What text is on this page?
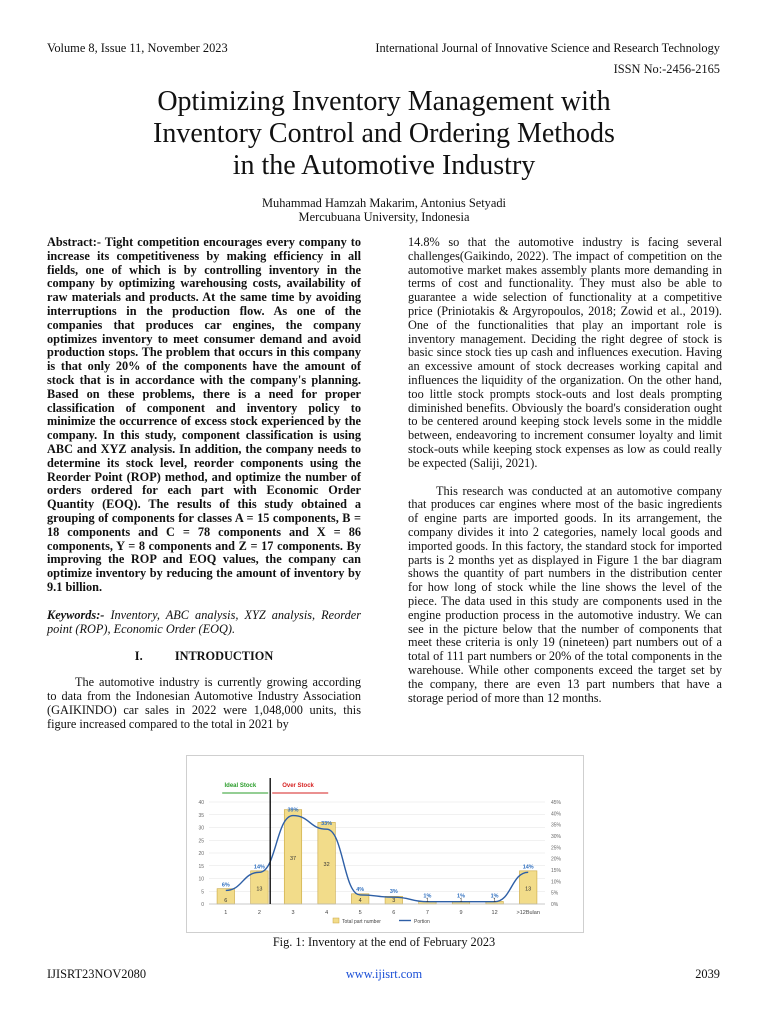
Volume 8, Issue 11, November 2023	International Journal of Innovative Science and Research Technology
ISSN No:-2456-2165
Optimizing Inventory Management with
Inventory Control and Ordering Methods
in the Automotive Industry
Muhammad Hamzah Makarim, Antonius Setyadi
Mercubuana University, Indonesia

Abstract:- Tight competition encourages every company to increase its competitiveness by making efficiency in all fields, one of which is by controlling inventory in the company by optimizing warehousing costs, availability of raw materials and products. At the same time by avoiding interruptions in the production flow. As one of the companies that produces car engines, the company optimizes inventory to meet consumer demand and avoid production stops. The problem that occurs in this company is that only 20% of the components have the amount of stock that is in accordance with the company's planning. Based on these problems, there is a need for proper classification of component and inventory policy to minimize the occurrence of excess stock experienced by the company. In this study, component classification is using ABC and XYZ analysis. In addition, the company needs to determine its stock level, reorder components using the Reorder Point (ROP) method, and optimize the number of orders ordered for each part with Economic Order Quantity (EOQ). The results of this study obtained a grouping of components for classes A = 15 components, B = 18 components and C = 78 components and X = 86 components, Y = 8 components and Z = 17 components. By improving the ROP and EOQ values, the company can optimize inventory by reducing the amount of inventory by 9.1 billion.

Keywords:- Inventory, ABC analysis, XYZ analysis, Reorder point (ROP), Economic Order (EOQ).

I.	INTRODUCTION

The automotive industry is currently growing according to data from the Indonesian Automotive Industry Association (GAIKINDO) car sales in 2022 were 1,048,000 units, this figure increased compared to the total in 2021 by

14.8% so that the automotive industry is facing several challenges(Gaikindo, 2022). The impact of competition on the automotive market makes assembly plants more demanding in terms of cost and functionality. They must also be able to guarantee a wide selection of functionality at a competitive price (Priniotakis & Argyropoulos, 2018; Zowid et al., 2019). One of the functionalities that play an important role is inventory management. Deciding the right degree of stock is basic since stock ties up cash and influences execution. Having an excessive amount of stock decreases working capital and influences the liquidity of the organization. On the other hand, too little stock prompts stock-outs and lost deals prompting diminished benefits. Obviously the board's consideration ought to be centered around keeping stock levels some in the middle between, endeavoring to increment consumer loyalty and limit stock-outs while keeping stock expenses as low as could really be expected (Saliji, 2021).

This research was conducted at an automotive company that produces car engines where most of the basic ingredients of engine parts are imported goods. In its arrangement, the company divides it into 2 categories, namely local goods and imported goods. In this factory, the standard stock for imported parts is 2 months yet as displayed in Figure 1 the bar diagram shows the quantity of part numbers in the distribution center for how long of stock while the line shows the level of the piece. The data used in this study are components used in the engine production process in the automotive industry. We can see in the picture below that the number of components that meet these criteria is only 19 (nineteen) part numbers out of a total of 111 part numbers or 20% of the total components in the warehouse. While other components exceed the target set by the company, there are even 13 part numbers that have a storage period of more than 12 months.

6
13
37
32
4	3	1	1	1
13
6%
14%
39%
33%
4%	3%
1%	1%	1%
14%
0
5
10
15
20
25
30
35
40
0%
5%
10%
15%
20%
25%
30%
35%
40%
45%
1	2	3	4	5	6	7	9	12	>12Bulan
Ideal Stock	Over Stock
Total part number	Portion
Fig. 1: Inventory at the end of February 2023
IJISRT23NOV2080	www.ijisrt.com	2039
